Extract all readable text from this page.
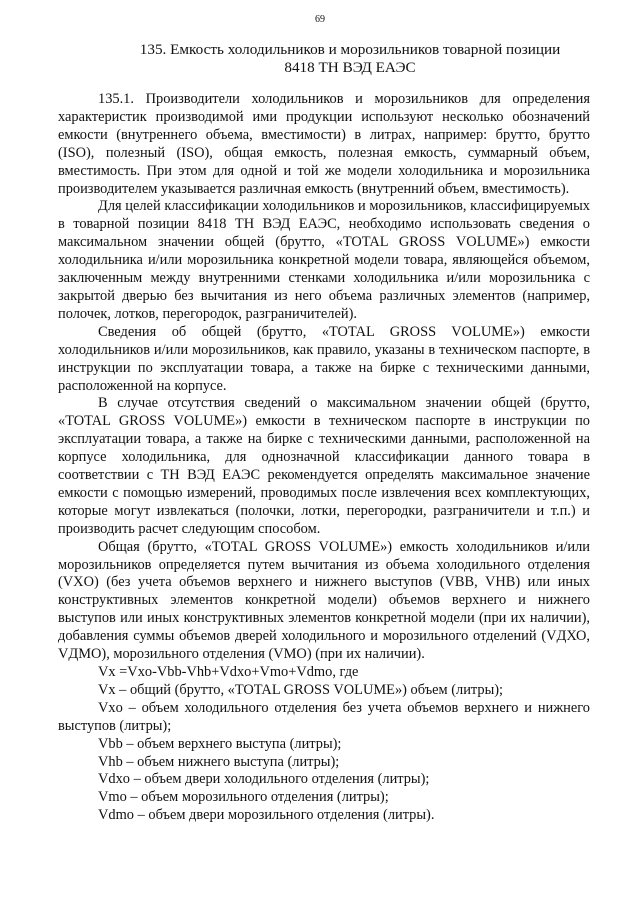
69
135. Емкость холодильников и морозильников товарной позиции
8418 ТН ВЭД ЕАЭС

135.1. Производители холодильников и морозильников для определения характеристик производимой ими продукции используют несколько обозначений емкости (внутреннего объема, вместимости) в литрах, например: брутто, брутто (ISO), полезный (ISO), общая емкость, полезная емкость, суммарный объем, вместимость. При этом для одной и той же модели холодильника и морозильника производителем указывается различная емкость (внутренний объем, вместимость).

Для целей классификации холодильников и морозильников, классифицируемых в товарной позиции 8418 ТН ВЭД ЕАЭС, необходимо использовать сведения о максимальном значении общей (брутто, «TOTAL GROSS VOLUME») емкости холодильника и/или морозильника конкретной модели товара, являющейся объемом, заключенным между внутренними стенками холодильника и/или морозильника с закрытой дверью без вычитания из него объема различных элементов (например, полочек, лотков, перегородок, разграничителей).

Сведения об общей (брутто, «TOTAL GROSS VOLUME») емкости холодильников и/или морозильников, как правило, указаны в техническом паспорте, в инструкции по эксплуатации товара, а также на бирке с техническими данными, расположенной на корпусе.

В случае отсутствия сведений о максимальном значении общей (брутто, «TOTAL GROSS VOLUME») емкости в техническом паспорте в инструкции по эксплуатации товара, а также на бирке с техническими данными, расположенной на корпусе холодильника, для однозначной классификации данного товара в соответствии с ТН ВЭД ЕАЭС рекомендуется определять максимальное значение емкости с помощью измерений, проводимых после извлечения всех комплектующих, которые могут извлекаться (полочки, лотки, перегородки, разграничители и т.п.) и производить расчет следующим способом.

Общая (брутто, «TOTAL GROSS VOLUME») емкость холодильников и/или морозильников определяется путем вычитания из объема холодильного отделения (VXO) (без учета объемов верхнего и нижнего выступов (VBB, VHB) или иных конструктивных элементов конкретной модели) объемов верхнего и нижнего выступов или иных конструктивных элементов конкретной модели (при их наличии), добавления суммы объемов дверей холодильного и морозильного отделений (VДХО, VДМО), морозильного отделения (VMO) (при их наличии).

Vx =Vxo-Vbb-Vhb+Vdxo+Vmo+Vdmo, где

Vx – общий (брутто, «TOTAL GROSS VOLUME») объем (литры);

Vxo – объем холодильного отделения без учета объемов верхнего и нижнего выступов (литры);

Vbb – объем верхнего выступа (литры);

Vhb – объем нижнего выступа (литры);

Vdxo – объем двери холодильного отделения (литры);

Vmo – объем морозильного отделения (литры);

Vdmo – объем двери морозильного отделения (литры).
